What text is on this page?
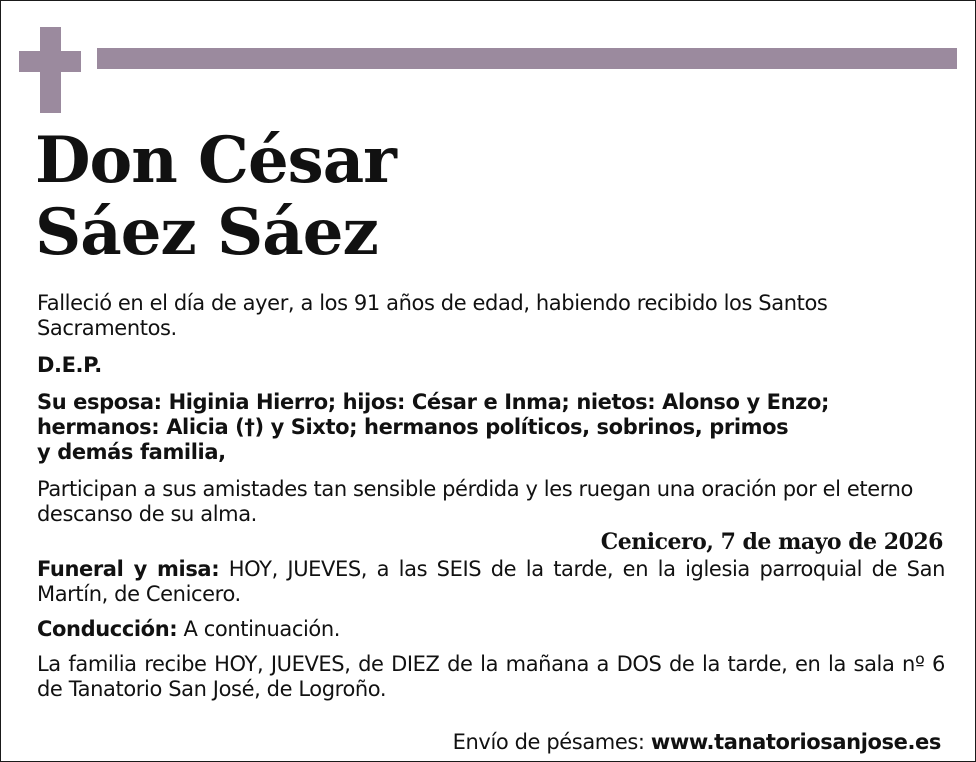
Don César
Sáez Sáez

Falleció en el día de ayer, a los 91 años de edad, habiendo recibido los Santos Sacramentos.

D.E.P.

Su esposa: Higinia Hierro; hijos: César e Inma; nietos: Alonso y Enzo;
hermanos: Alicia (†) y Sixto; hermanos políticos, sobrinos, primos
y demás familia,

Participan a sus amistades tan sensible pérdida y les ruegan una oración por el eterno descanso de su alma.

Cenicero, 7 de mayo de 2026

Funeral y misa: HOY, JUEVES, a las SEIS de la tarde, en la iglesia parroquial de San Martín, de Cenicero.

Conducción: A continuación.

La familia recibe HOY, JUEVES, de DIEZ de la mañana a DOS de la tarde, en la sala nº 6 de Tanatorio San José, de Logroño.

Envío de pésames: www.tanatoriosanjose.es
